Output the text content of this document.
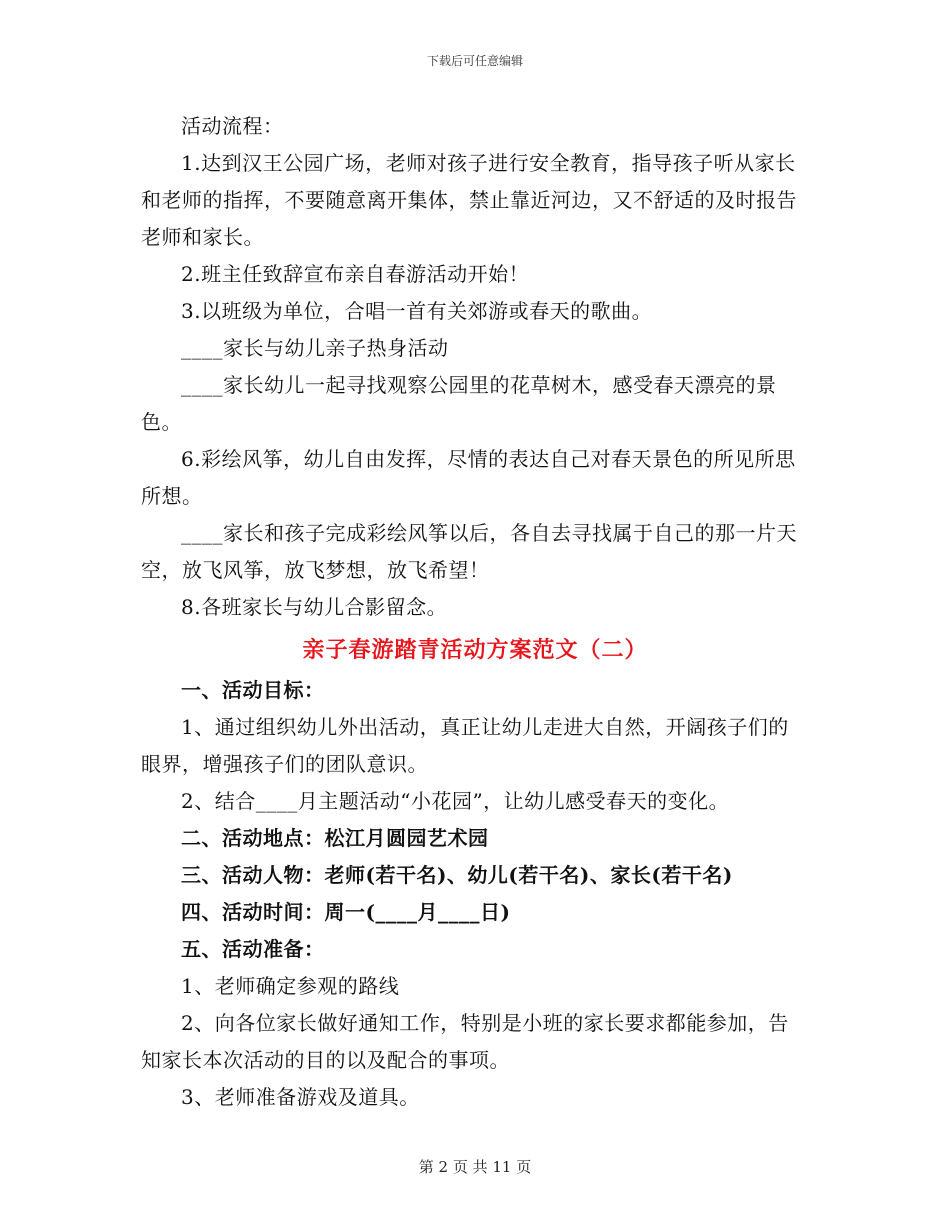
下载后可任意编辑

活动流程：

1.达到汉王公园广场，老师对孩子进行安全教育，指导孩子听从家长和老师的指挥，不要随意离开集体，禁止靠近河边，又不舒适的及时报告老师和家长。

2.班主任致辞宣布亲自春游活动开始！

3.以班级为单位，合唱一首有关郊游或春天的歌曲。

____家长与幼儿亲子热身活动

____家长幼儿一起寻找观察公园里的花草树木，感受春天漂亮的景色。

6.彩绘风筝，幼儿自由发挥，尽情的表达自己对春天景色的所见所思所想。

____家长和孩子完成彩绘风筝以后，各自去寻找属于自己的那一片天空，放飞风筝，放飞梦想，放飞希望！

8.各班家长与幼儿合影留念。

亲子春游踏青活动方案范文（二）

一、活动目标：

1、通过组织幼儿外出活动，真正让幼儿走进大自然，开阔孩子们的眼界，增强孩子们的团队意识。

2、结合____月主题活动“小花园”，让幼儿感受春天的变化。

二、活动地点：松江月圆园艺术园

三、活动人物：老师(若干名)、幼儿(若干名)、家长(若干名)

四、活动时间：周一(____月____日)

五、活动准备：

1、老师确定参观的路线

2、向各位家长做好通知工作，特别是小班的家长要求都能参加，告知家长本次活动的目的以及配合的事项。

3、老师准备游戏及道具。

第 2 页 共 11 页
